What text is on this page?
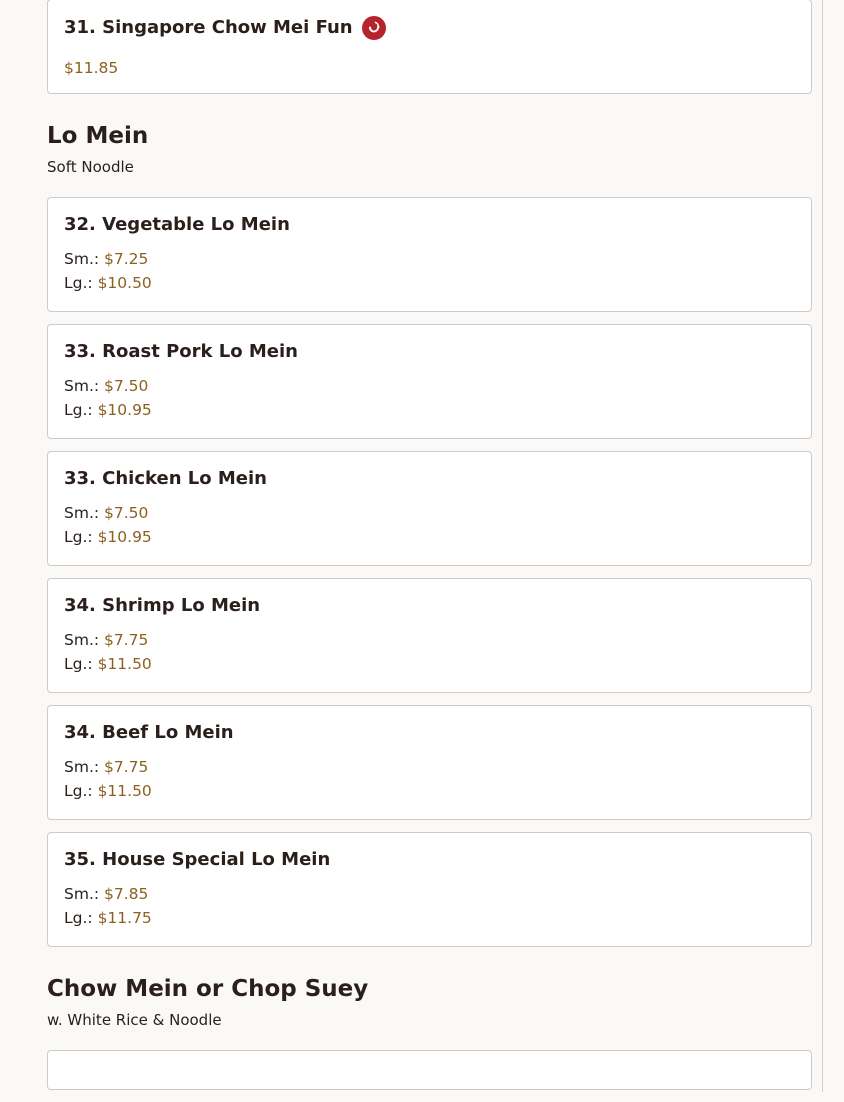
31. Singapore Chow Mei Fun
$11.85
Lo Mein
Soft Noodle
32. Vegetable Lo Mein
Sm.: $7.25
Lg.: $10.50
33. Roast Pork Lo Mein
Sm.: $7.50
Lg.: $10.95
33. Chicken Lo Mein
Sm.: $7.50
Lg.: $10.95
34. Shrimp Lo Mein
Sm.: $7.75
Lg.: $11.50
34. Beef Lo Mein
Sm.: $7.75
Lg.: $11.50
35. House Special Lo Mein
Sm.: $7.85
Lg.: $11.75
Chow Mein or Chop Suey
w. White Rice & Noodle
